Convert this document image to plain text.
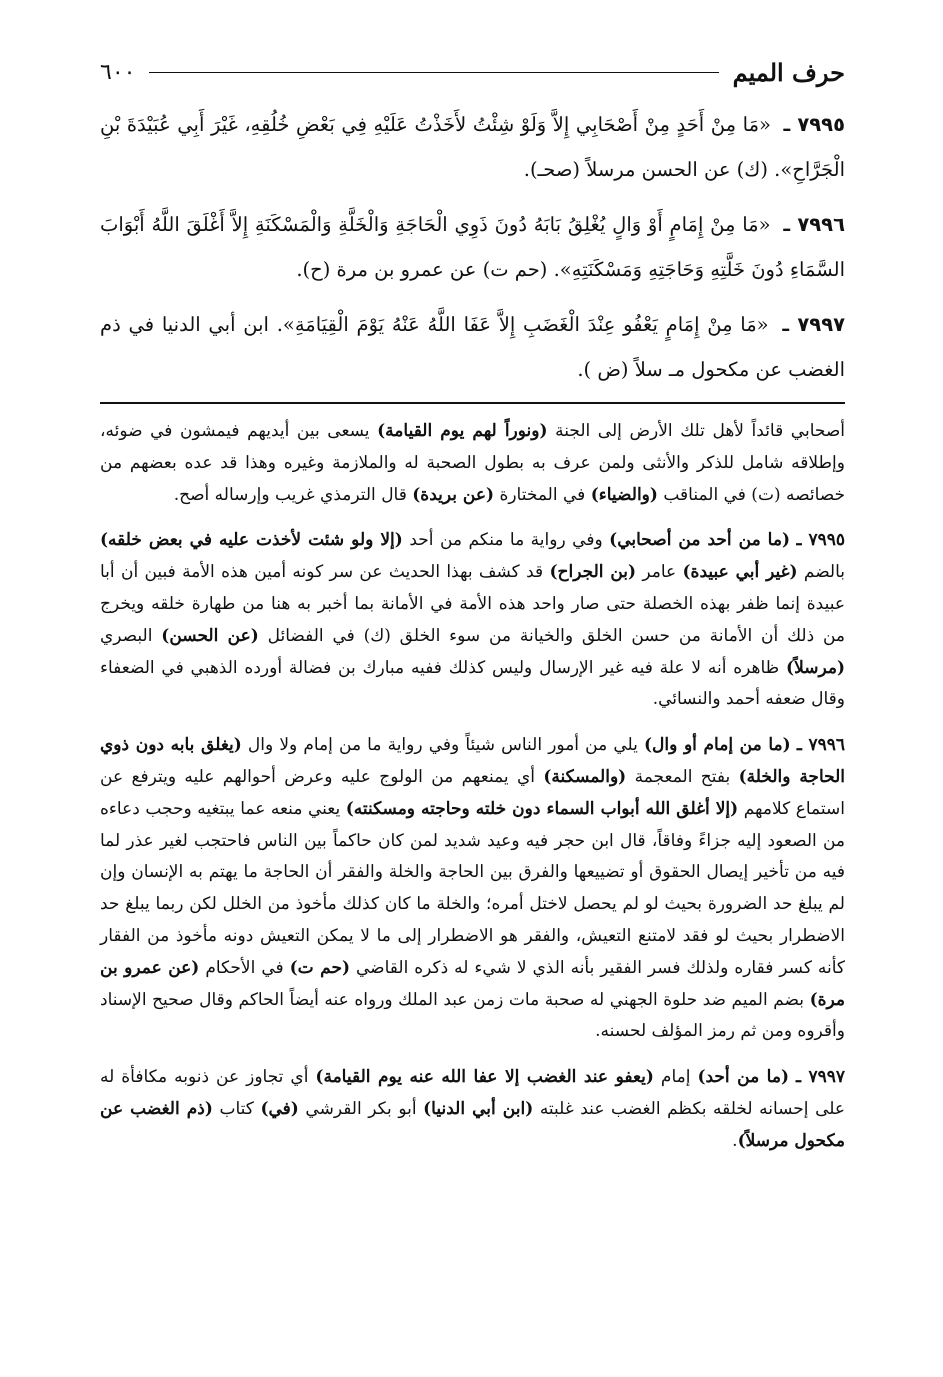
حرف الميم
٦٠٠

٧٩٩٥ ـ «مَا مِنْ أَحَدٍ مِنْ أَصْحَابِي إِلاَّ وَلَوْ شِئْتُ لأَخَذْتُ عَلَيْهِ فِي بَعْضِ خُلُقِهِ، غَيْرَ أَبِي عُبَيْدَةَ بْنِ الْجَرَّاحِ». (ك) عن الحسن مرسلاً (صحـ).

٧٩٩٦ ـ «مَا مِنْ إِمَامٍ أَوْ وَالٍ يُغْلِقُ بَابَهُ دُونَ ذَوِي الْحَاجَةِ وَالْخَلَّةِ وَالْمَسْكَنَةِ إِلاَّ أَغْلَقَ اللَّهُ أَبْوَابَ السَّمَاءِ دُونَ خَلَّتِهِ وَحَاجَتِهِ وَمَسْكَنَتِهِ». (حم ت) عن عمرو بن مرة (ح).

٧٩٩٧ ـ «مَا مِنْ إِمَامٍ يَعْفُو عِنْدَ الْغَضَبِ إِلاَّ عَفَا اللَّهُ عَنْهُ يَوْمَ الْقِيَامَةِ». ابن أبي الدنيا في ذم الغضب عن مكحول مـ سلاً (ض ).

أصحابي قائداً لأهل تلك الأرض إلى الجنة (ونوراً لهم يوم القيامة) يسعى بين أيديهم فيمشون في ضوئه، وإطلاقه شامل للذكر والأنثى ولمن عرف به بطول الصحبة له والملازمة وغيره وهذا قد عده بعضهم من خصائصه (ت) في المناقب (والضياء) في المختارة (عن بريدة) قال الترمذي غريب وإرساله أصح.

٧٩٩٥ ـ (ما من أحد من أصحابي) وفي رواية ما منكم من أحد (إلا ولو شئت لأخذت عليه في بعض خلقه) بالضم (غير أبي عبيدة) عامر (بن الجراح) قد كشف بهذا الحديث عن سر كونه أمين هذه الأمة فبين أن أبا عبيدة إنما ظفر بهذه الخصلة حتى صار واحد هذه الأمة في الأمانة بما أخبر به هنا من طهارة خلقه ويخرج من ذلك أن الأمانة من حسن الخلق والخيانة من سوء الخلق (ك) في الفضائل (عن الحسن) البصري (مرسلاً) ظاهره أنه لا علة فيه غير الإرسال وليس كذلك ففيه مبارك بن فضالة أورده الذهبي في الضعفاء وقال ضعفه أحمد والنسائي.

٧٩٩٦ ـ (ما من إمام أو وال) يلي من أمور الناس شيئاً وفي رواية ما من إمام ولا وال (يغلق بابه دون ذوي الحاجة والخلة) بفتح المعجمة (والمسكنة) أي يمنعهم من الولوج عليه وعرض أحوالهم عليه ويترفع عن استماع كلامهم (إلا أغلق الله أبواب السماء دون خلته وحاجته ومسكنته) يعني منعه عما يبتغيه وحجب دعاءه من الصعود إليه جزاءً وفاقاً، قال ابن حجر فيه وعيد شديد لمن كان حاكماً بين الناس فاحتجب لغير عذر لما فيه من تأخير إيصال الحقوق أو تضييعها والفرق بين الحاجة والخلة والفقر أن الحاجة ما يهتم به الإنسان وإن لم يبلغ حد الضرورة بحيث لو لم يحصل لاختل أمره؛ والخلة ما كان كذلك مأخوذ من الخلل لكن ربما يبلغ حد الاضطرار بحيث لو فقد لامتنع التعيش، والفقر هو الاضطرار إلى ما لا يمكن التعيش دونه مأخوذ من الفقار كأنه كسر فقاره ولذلك فسر الفقير بأنه الذي لا شيء له ذكره القاضي (حم ت) في الأحكام (عن عمرو بن مرة) بضم الميم ضد حلوة الجهني له صحبة مات زمن عبد الملك ورواه عنه أيضاً الحاكم وقال صحيح الإسناد وأقروه ومن ثم رمز المؤلف لحسنه.

٧٩٩٧ ـ (ما من أحد) إمام (يعفو عند الغضب إلا عفا الله عنه يوم القيامة) أي تجاوز عن ذنوبه مكافأة له على إحسانه لخلقه بكظم الغضب عند غلبته (ابن أبي الدنيا) أبو بكر القرشي (في) كتاب (ذم الغضب عن مكحول مرسلاً).
